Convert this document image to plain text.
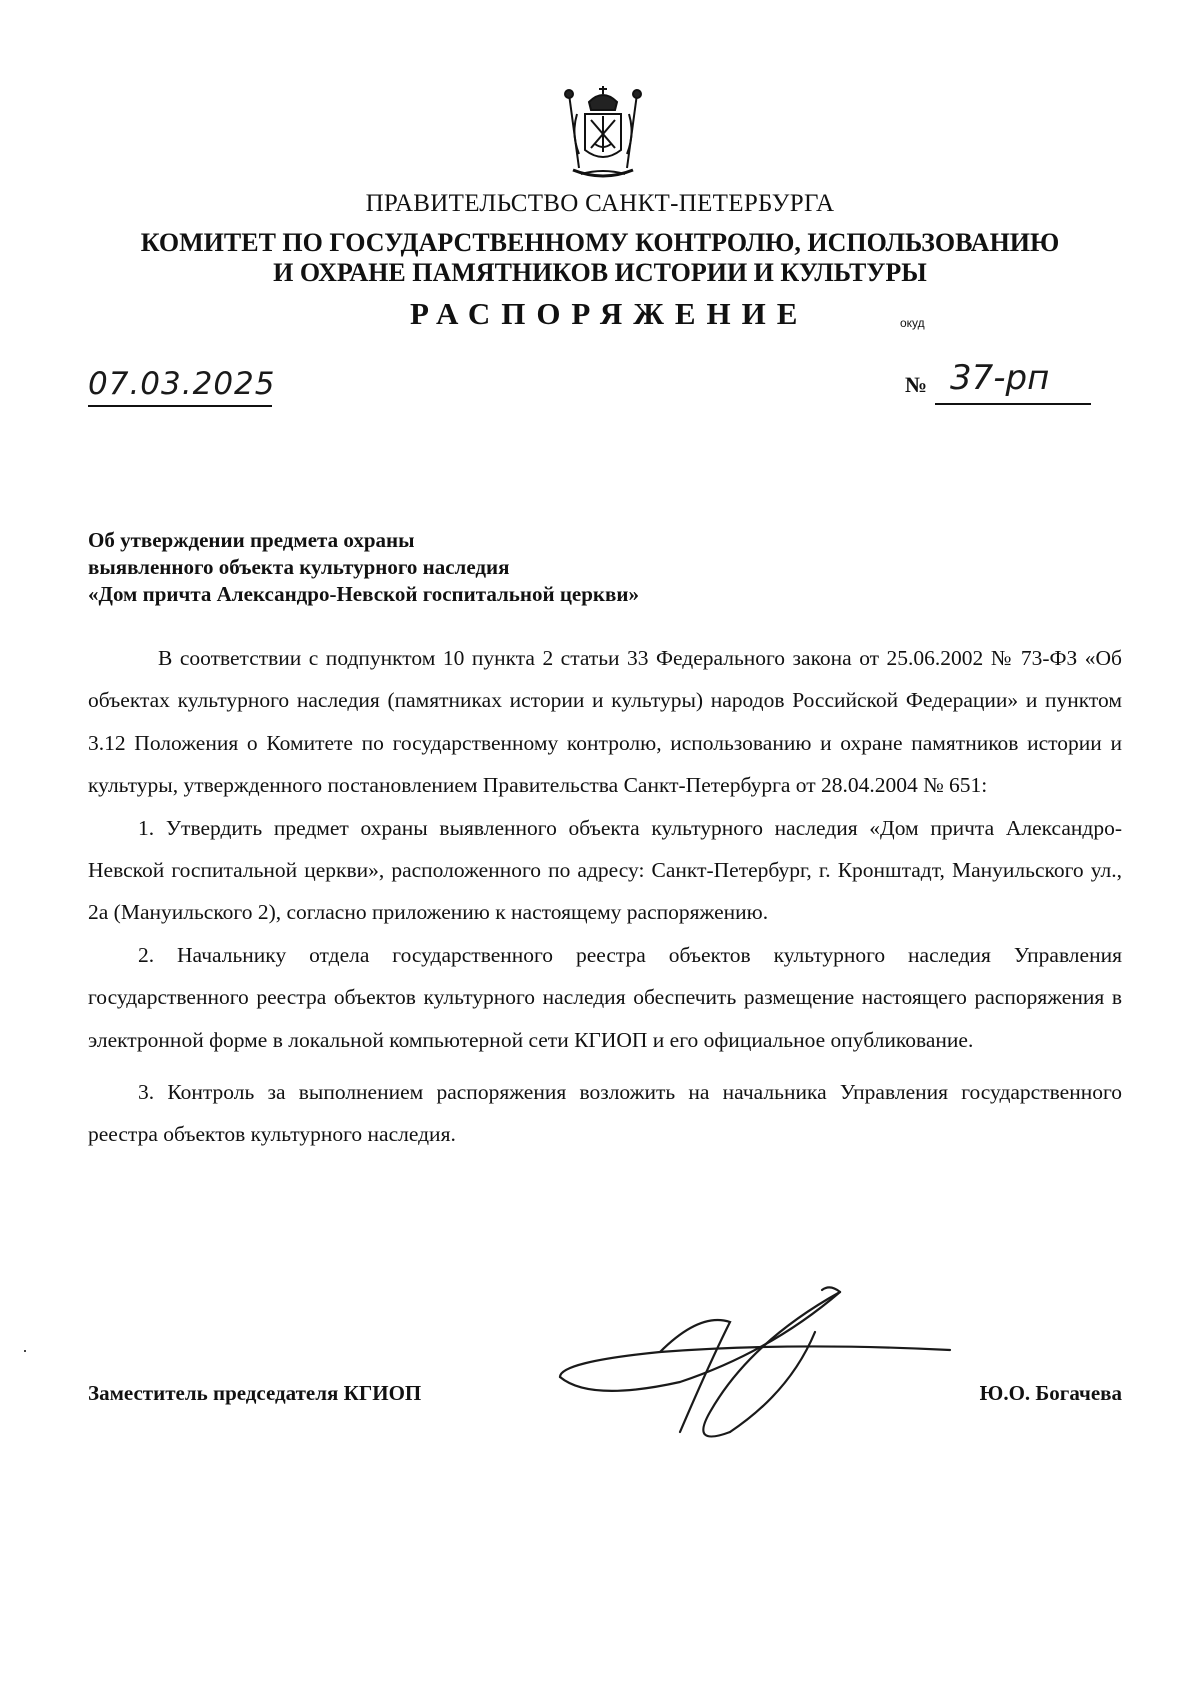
ПРАВИТЕЛЬСТВО САНКТ-ПЕТЕРБУРГА
КОМИТЕТ ПО ГОСУДАРСТВЕННОМУ КОНТРОЛЮ, ИСПОЛЬЗОВАНИЮ
И ОХРАНЕ ПАМЯТНИКОВ ИСТОРИИ И КУЛЬТУРЫ
РАСПОРЯЖЕНИЕ	окуд
07.03.2025	№ 37-рп
Об утверждении предмета охраны
выявленного объекта культурного наследия
«Дом причта Александро-Невской госпитальной церкви»

В соответствии с подпунктом 10 пункта 2 статьи 33 Федерального закона от 25.06.2002 № 73-ФЗ «Об объектах культурного наследия (памятниках истории и культуры) народов Российской Федерации» и пунктом 3.12 Положения о Комитете по государственному контролю, использованию и охране памятников истории и культуры, утвержденного постановлением Правительства Санкт-Петербурга от 28.04.2004 № 651:

1. Утвердить предмет охраны выявленного объекта культурного наследия «Дом причта Александро-Невской госпитальной церкви», расположенного по адресу: Санкт-Петербург, г. Кронштадт, Мануильского ул., 2а (Мануильского 2), согласно приложению к настоящему распоряжению.

2. Начальнику отдела государственного реестра объектов культурного наследия Управления государственного реестра объектов культурного наследия обеспечить размещение настоящего распоряжения в электронной форме в локальной компьютерной сети КГИОП и его официальное опубликование.

3. Контроль за выполнением распоряжения возложить на начальника Управления государственного реестра объектов культурного наследия.

Заместитель председателя КГИОП	Ю.О. Богачева
